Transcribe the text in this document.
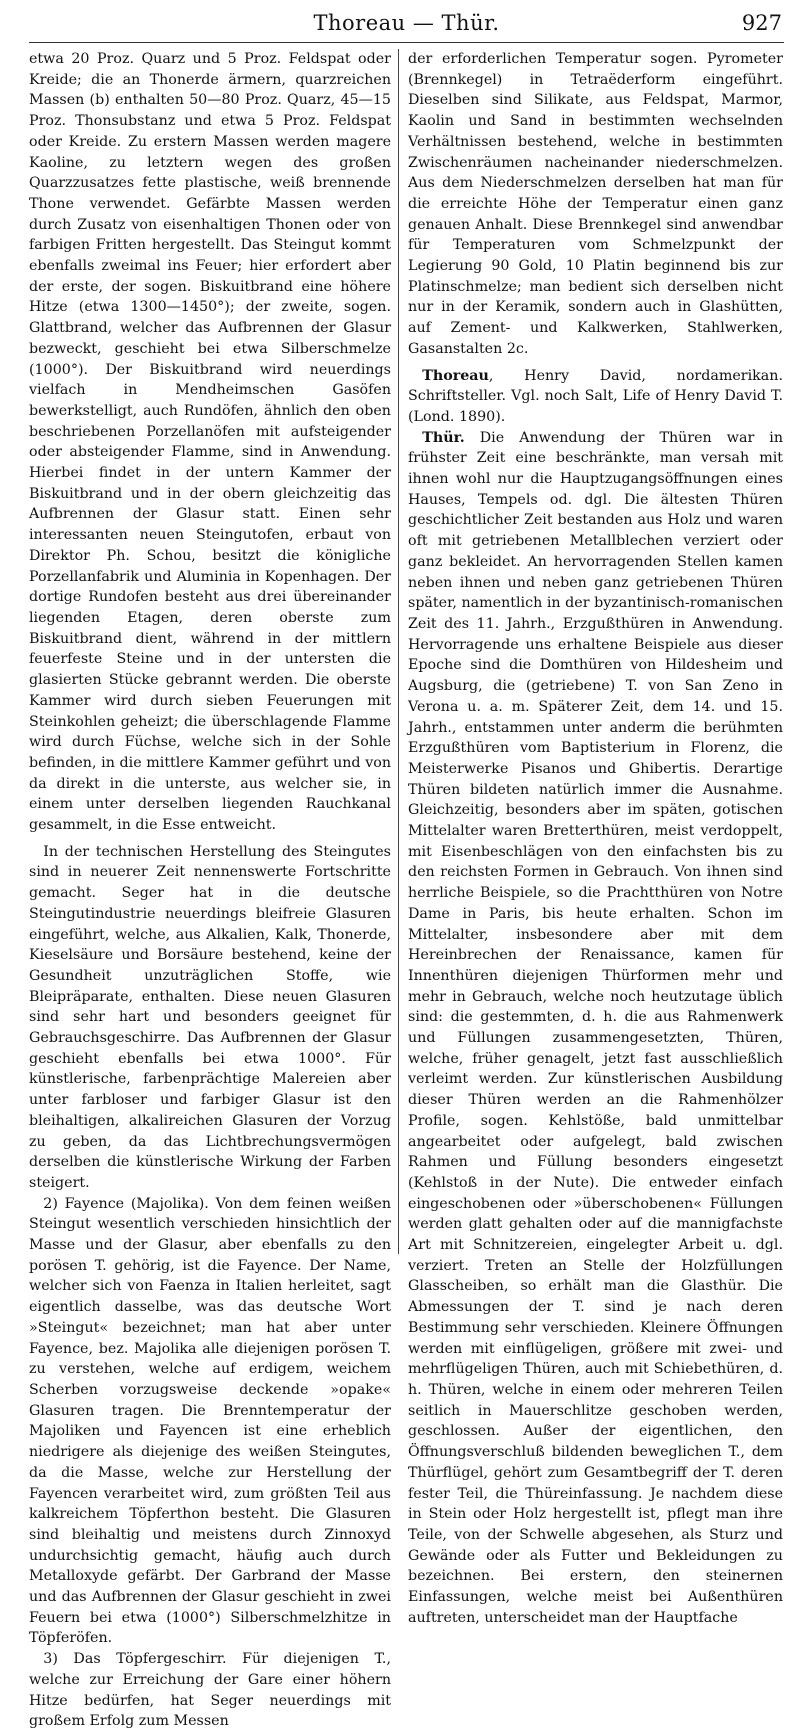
Thoreau — Thür.	927

etwa 20 Proz. Quarz und 5 Proz. Feldspat oder Kreide; die an Thonerde ärmern, quarzreichen Massen (b) enthalten 50—80 Proz. Quarz, 45—15 Proz. Thonsubstanz und etwa 5 Proz. Feldspat oder Kreide. Zu erstern Massen werden magere Kaoline, zu letztern wegen des großen Quarzzusatzes fette plastische, weiß brennende Thone verwendet. Gefärbte Massen werden durch Zusatz von eisenhaltigen Thonen oder von farbigen Fritten hergestellt. Das Steingut kommt ebenfalls zweimal ins Feuer; hier erfordert aber der erste, der sogen. Biskuitbrand eine höhere Hitze (etwa 1300—1450°); der zweite, sogen. Glattbrand, welcher das Aufbrennen der Glasur bezweckt, geschieht bei etwa Silberschmelze (1000°). Der Biskuitbrand wird neuerdings vielfach in Mendheimschen Gasöfen bewerkstelligt, auch Rundöfen, ähnlich den oben beschriebenen Porzellanöfen mit aufsteigender oder absteigender Flamme, sind in Anwendung. Hierbei findet in der untern Kammer der Biskuitbrand und in der obern gleichzeitig das Aufbrennen der Glasur statt. Einen sehr interessanten neuen Steingutofen, erbaut von Direktor Ph. Schou, besitzt die königliche Porzellanfabrik und Aluminia in Kopenhagen. Der dortige Rundofen besteht aus drei übereinander liegenden Etagen, deren oberste zum Biskuitbrand dient, während in der mittlern feuerfeste Steine und in der untersten die glasierten Stücke gebrannt werden. Die oberste Kammer wird durch sieben Feuerungen mit Steinkohlen geheizt; die überschlagende Flamme wird durch Füchse, welche sich in der Sohle befinden, in die mittlere Kammer geführt und von da direkt in die unterste, aus welcher sie, in einem unter derselben liegenden Rauchkanal gesammelt, in die Esse entweicht.

In der technischen Herstellung des Steingutes sind in neuerer Zeit nennenswerte Fortschritte gemacht. Seger hat in die deutsche Steingutindustrie neuerdings bleifreie Glasuren eingeführt, welche, aus Alkalien, Kalk, Thonerde, Kieselsäure und Borsäure bestehend, keine der Gesundheit unzuträglichen Stoffe, wie Bleipräparate, enthalten. Diese neuen Glasuren sind sehr hart und besonders geeignet für Gebrauchsgeschirre. Das Aufbrennen der Glasur geschieht ebenfalls bei etwa 1000°. Für künstlerische, farbenprächtige Malereien aber unter farbloser und farbiger Glasur ist den bleihaltigen, alkalireichen Glasuren der Vorzug zu geben, da das Lichtbrechungsvermögen derselben die künstlerische Wirkung der Farben steigert.

2) Fayence (Majolika). Von dem feinen weißen Steingut wesentlich verschieden hinsichtlich der Masse und der Glasur, aber ebenfalls zu den porösen T. gehörig, ist die Fayence. Der Name, welcher sich von Faenza in Italien herleitet, sagt eigentlich dasselbe, was das deutsche Wort »Steingut« bezeichnet; man hat aber unter Fayence, bez. Majolika alle diejenigen porösen T. zu verstehen, welche auf erdigem, weichem Scherben vorzugsweise deckende »opake« Glasuren tragen. Die Brenntemperatur der Majoliken und Fayencen ist eine erheblich niedrigere als diejenige des weißen Steingutes, da die Masse, welche zur Herstellung der Fayencen verarbeitet wird, zum größten Teil aus kalkreichem Töpferthon besteht. Die Glasuren sind bleihaltig und meistens durch Zinnoxyd undurchsichtig gemacht, häufig auch durch Metalloxyde gefärbt. Der Garbrand der Masse und das Aufbrennen der Glasur geschieht in zwei Feuern bei etwa (1000°) Silberschmelzhitze in Töpferöfen.

3) Das Töpfergeschirr. Für diejenigen T., welche zur Erreichung der Gare einer höhern Hitze bedürfen, hat Seger neuerdings mit großem Erfolg zum Messen

der erforderlichen Temperatur sogen. Pyrometer (Brennkegel) in Tetraëderform eingeführt. Dieselben sind Silikate, aus Feldspat, Marmor, Kaolin und Sand in bestimmten wechselnden Verhältnissen bestehend, welche in bestimmten Zwischenräumen nacheinander niederschmelzen. Aus dem Niederschmelzen derselben hat man für die erreichte Höhe der Temperatur einen ganz genauen Anhalt. Diese Brennkegel sind anwendbar für Temperaturen vom Schmelzpunkt der Legierung 90 Gold, 10 Platin beginnend bis zur Platinschmelze; man bedient sich derselben nicht nur in der Keramik, sondern auch in Glashütten, auf Zement- und Kalkwerken, Stahlwerken, Gasanstalten 2c.

Thoreau, Henry David, nordamerikan. Schriftsteller. Vgl. noch Salt, Life of Henry David T. (Lond. 1890).

Thür. Die Anwendung der Thüren war in frühster Zeit eine beschränkte, man versah mit ihnen wohl nur die Hauptzugangsöffnungen eines Hauses, Tempels od. dgl. Die ältesten Thüren geschichtlicher Zeit bestanden aus Holz und waren oft mit getriebenen Metallblechen verziert oder ganz bekleidet. An hervorragenden Stellen kamen neben ihnen und neben ganz getriebenen Thüren später, namentlich in der byzantinisch-romanischen Zeit des 11. Jahrh., Erzgußthüren in Anwendung. Hervorragende uns erhaltene Beispiele aus dieser Epoche sind die Domthüren von Hildesheim und Augsburg, die (getriebene) T. von San Zeno in Verona u. a. m. Späterer Zeit, dem 14. und 15. Jahrh., entstammen unter anderm die berühmten Erzgußthüren vom Baptisterium in Florenz, die Meisterwerke Pisanos und Ghibertis. Derartige Thüren bildeten natürlich immer die Ausnahme. Gleichzeitig, besonders aber im späten, gotischen Mittelalter waren Bretterthüren, meist verdoppelt, mit Eisenbeschlägen von den einfachsten bis zu den reichsten Formen in Gebrauch. Von ihnen sind herrliche Beispiele, so die Prachtthüren von Notre Dame in Paris, bis heute erhalten. Schon im Mittelalter, insbesondere aber mit dem Hereinbrechen der Renaissance, kamen für Innenthüren diejenigen Thürformen mehr und mehr in Gebrauch, welche noch heutzutage üblich sind: die gestemmten, d. h. die aus Rahmenwerk und Füllungen zusammengesetzten, Thüren, welche, früher genagelt, jetzt fast ausschließlich verleimt werden. Zur künstlerischen Ausbildung dieser Thüren werden an die Rahmenhölzer Profile, sogen. Kehlstöße, bald unmittelbar angearbeitet oder aufgelegt, bald zwischen Rahmen und Füllung besonders eingesetzt (Kehlstoß in der Nute). Die entweder einfach eingeschobenen oder »überschobenen« Füllungen werden glatt gehalten oder auf die mannigfachste Art mit Schnitzereien, eingelegter Arbeit u. dgl. verziert. Treten an Stelle der Holzfüllungen Glasscheiben, so erhält man die Glasthür. Die Abmessungen der T. sind je nach deren Bestimmung sehr verschieden. Kleinere Öffnungen werden mit einflügeligen, größere mit zwei- und mehrflügeligen Thüren, auch mit Schiebethüren, d. h. Thüren, welche in einem oder mehreren Teilen seitlich in Mauerschlitze geschoben werden, geschlossen. Außer der eigentlichen, den Öffnungsverschluß bildenden beweglichen T., dem Thürflügel, gehört zum Gesamtbegriff der T. deren fester Teil, die Thüreinfassung. Je nachdem diese in Stein oder Holz hergestellt ist, pflegt man ihre Teile, von der Schwelle abgesehen, als Sturz und Gewände oder als Futter und Bekleidungen zu bezeichnen. Bei erstern, den steinernen Einfassungen, welche meist bei Außenthüren auftreten, unterscheidet man der Hauptfache
